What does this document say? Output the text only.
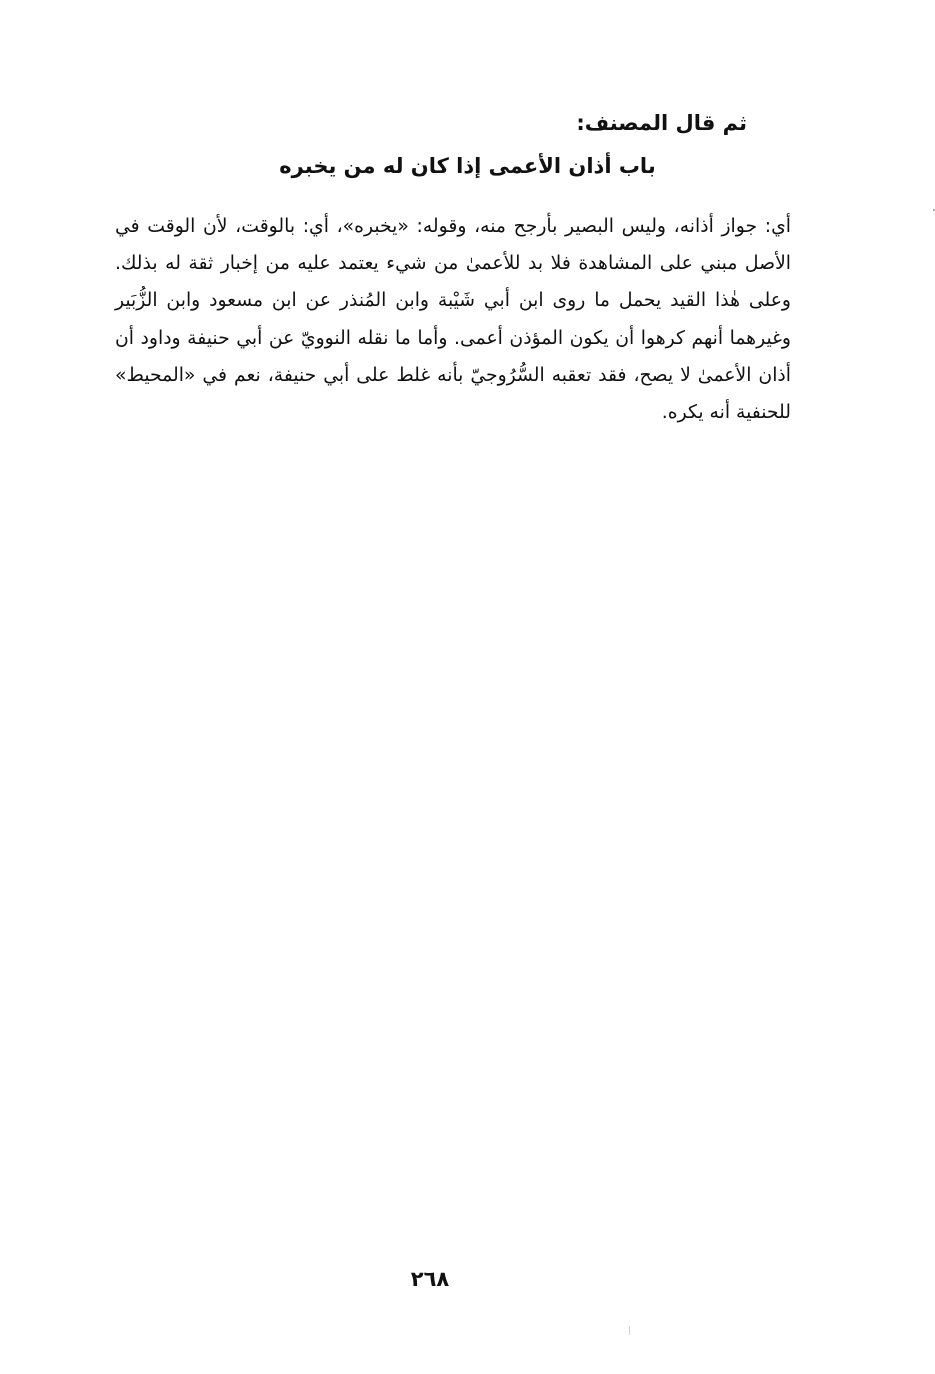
ثم قال المصنف:
باب أذان الأعمى إذا كان له من يخبره
أي: جواز أذانه، وليس البصير بأرجح منه، وقوله: «يخبره»، أي: بالوقت، لأن الوقت في الأصل مبني على المشاهدة فلا بد للأعمىٰ من شيء يعتمد عليه من إخبار ثقة له بذلك. وعلى هٰذا القيد يحمل ما روى ابن أبي شَيْبة وابن المُنذر عن ابن مسعود وابن الزُّبَير وغيرهما أنهم كرهوا أن يكون المؤذن أعمى. وأما ما نقله النوويّ عن أبي حنيفة وداود أن أذان الأعمىٰ لا يصح، فقد تعقبه السُّرُوجيّ بأنه غلط على أبي حنيفة، نعم في «المحيط» للحنفية أنه يكره.
٢٦٨
